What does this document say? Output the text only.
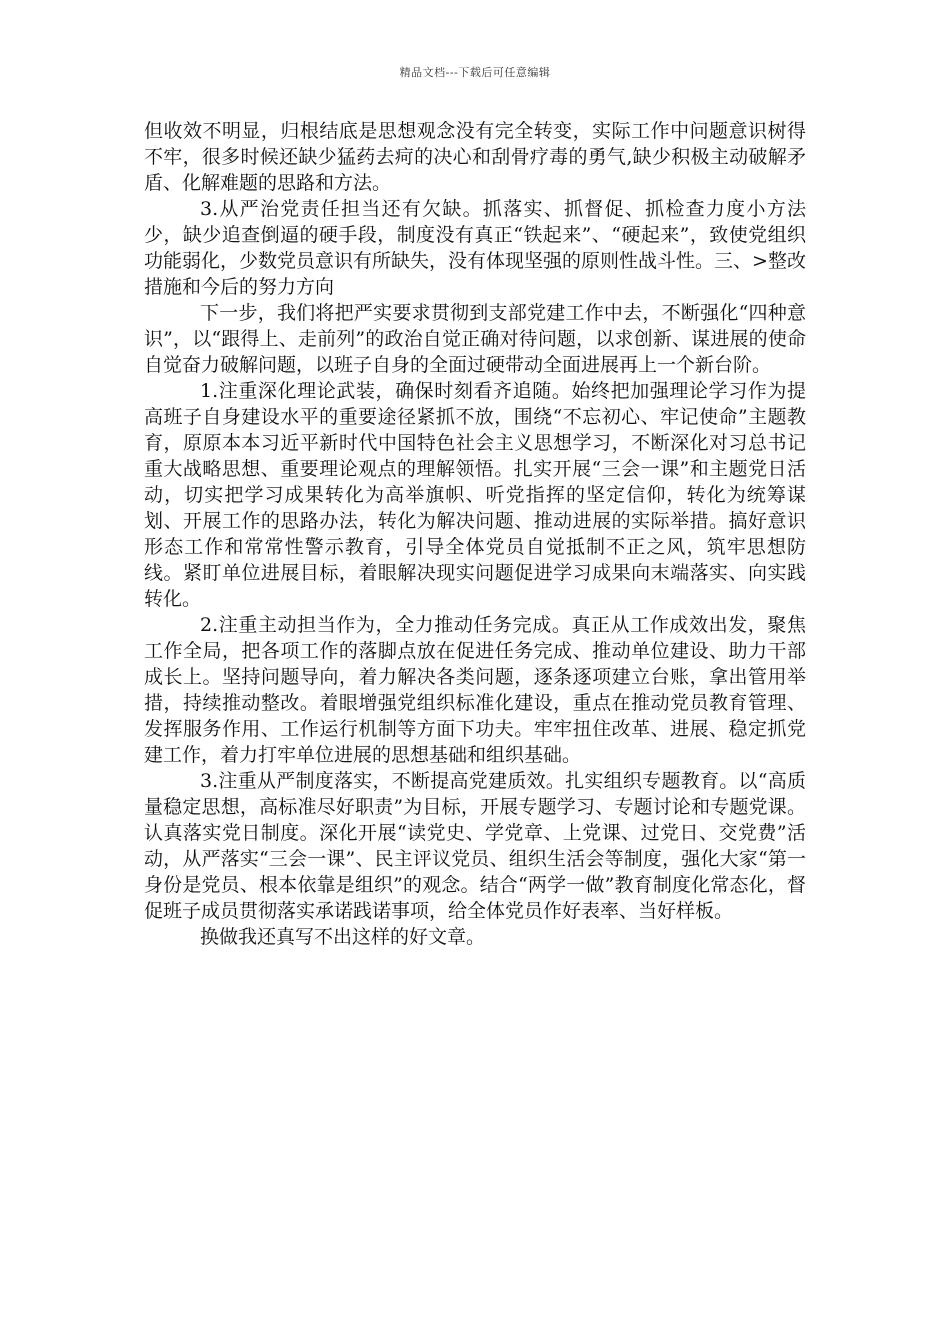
精品文档---下载后可任意编辑

但收效不明显，归根结底是思想观念没有完全转变，实际工作中问题意识树得不牢，很多时候还缺少猛药去疴的决心和刮骨疗毒的勇气,缺少积极主动破解矛盾、化解难题的思路和方法。

3.从严治党责任担当还有欠缺。抓落实、抓督促、抓检查力度小方法少，缺少追查倒逼的硬手段，制度没有真正“铁起来”、“硬起来”，致使党组织功能弱化，少数党员意识有所缺失，没有体现坚强的原则性战斗性。三、>整改措施和今后的努力方向

下一步，我们将把严实要求贯彻到支部党建工作中去，不断强化“四种意识”，以“跟得上、走前列”的政治自觉正确对待问题，以求创新、谋进展的使命自觉奋力破解问题，以班子自身的全面过硬带动全面进展再上一个新台阶。

1.注重深化理论武装，确保时刻看齐追随。始终把加强理论学习作为提高班子自身建设水平的重要途径紧抓不放，围绕“不忘初心、牢记使命”主题教育，原原本本习近平新时代中国特色社会主义思想学习，不断深化对习总书记重大战略思想、重要理论观点的理解领悟。扎实开展“三会一课”和主题党日活动，切实把学习成果转化为高举旗帜、听党指挥的坚定信仰，转化为统筹谋划、开展工作的思路办法，转化为解决问题、推动进展的实际举措。搞好意识形态工作和常常性警示教育，引导全体党员自觉抵制不正之风，筑牢思想防线。紧盯单位进展目标，着眼解决现实问题促进学习成果向末端落实、向实践转化。

2.注重主动担当作为，全力推动任务完成。真正从工作成效出发，聚焦工作全局，把各项工作的落脚点放在促进任务完成、推动单位建设、助力干部成长上。坚持问题导向，着力解决各类问题，逐条逐项建立台账，拿出管用举措，持续推动整改。着眼增强党组织标准化建设，重点在推动党员教育管理、发挥服务作用、工作运行机制等方面下功夫。牢牢扭住改革、进展、稳定抓党建工作，着力打牢单位进展的思想基础和组织基础。

3.注重从严制度落实，不断提高党建质效。扎实组织专题教育。以“高质量稳定思想，高标准尽好职责”为目标，开展专题学习、专题讨论和专题党课。认真落实党日制度。深化开展“读党史、学党章、上党课、过党日、交党费”活动，从严落实“三会一课”、民主评议党员、组织生活会等制度，强化大家“第一身份是党员、根本依靠是组织”的观念。结合“两学一做”教育制度化常态化，督促班子成员贯彻落实承诺践诺事项，给全体党员作好表率、当好样板。

换做我还真写不出这样的好文章。
